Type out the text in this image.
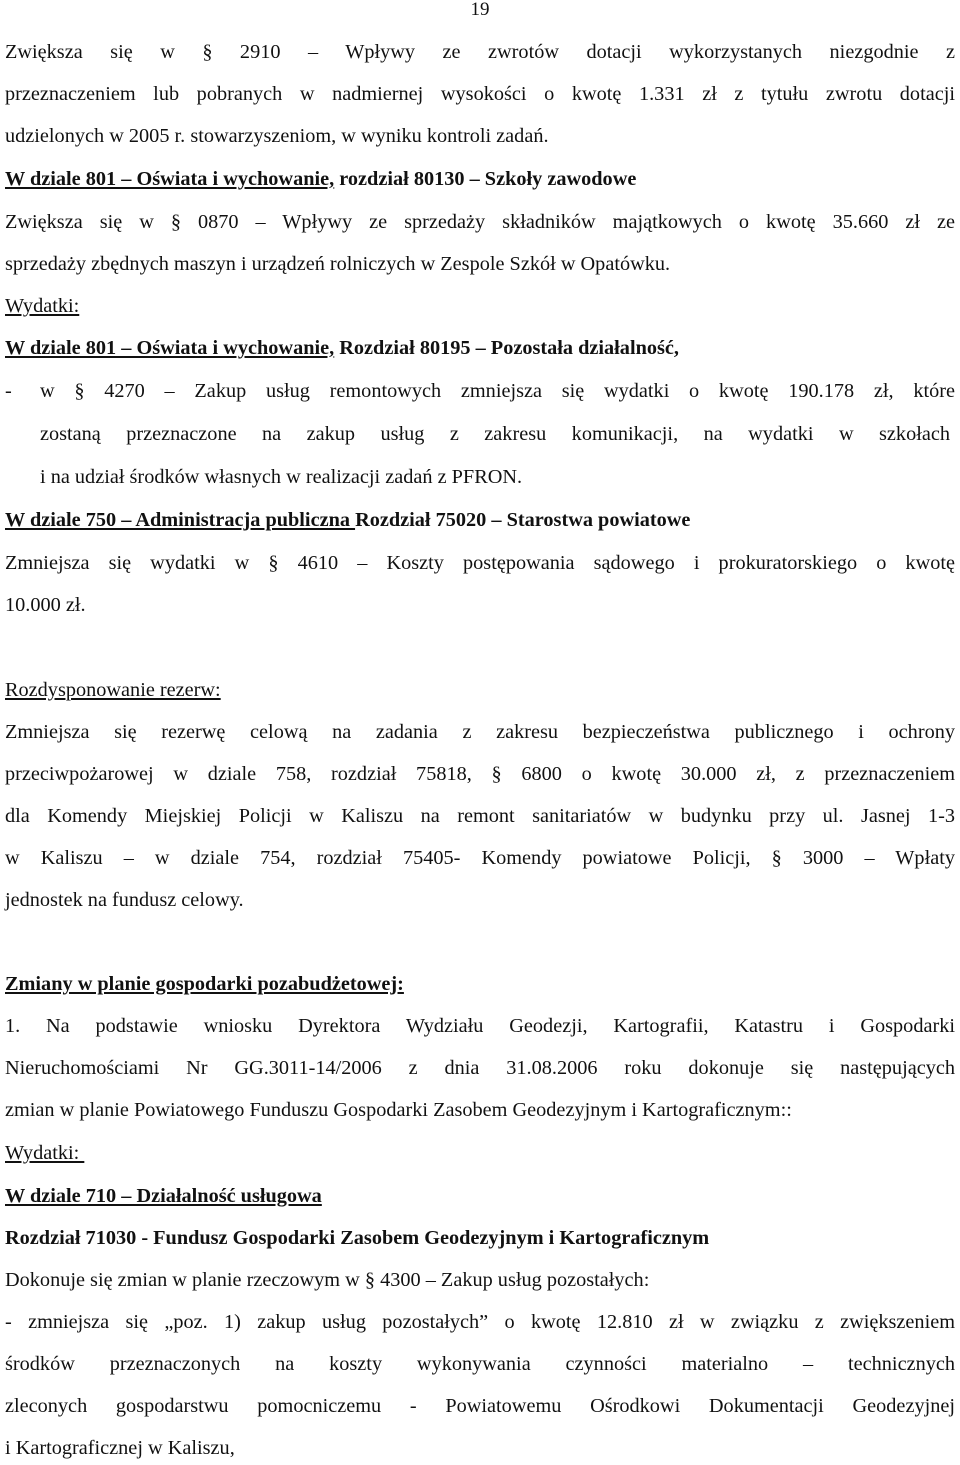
19
Zwiększa się w § 2910 – Wpływy ze zwrotów dotacji wykorzystanych niezgodnie z
przeznaczeniem lub pobranych w nadmiernej wysokości o kwotę 1.331 zł z tytułu zwrotu dotacji
udzielonych w 2005 r. stowarzyszeniom, w wyniku kontroli zadań.
W dziale 801 – Oświata i wychowanie, rozdział 80130 – Szkoły zawodowe
Zwiększa się w § 0870 – Wpływy ze sprzedaży składników majątkowych o kwotę 35.660 zł ze
sprzedaży zbędnych maszyn i urządzeń rolniczych w Zespole Szkół w Opatówku.
Wydatki:
W dziale 801 – Oświata i wychowanie, Rozdział 80195 – Pozostała działalność,
- w § 4270 – Zakup usług remontowych zmniejsza się wydatki o kwotę 190.178 zł, które
zostaną przeznaczone na zakup usług z zakresu komunikacji, na wydatki w szkołach
i na udział środków własnych w realizacji zadań z PFRON.
W dziale 750 – Administracja publiczna Rozdział 75020 – Starostwa powiatowe
Zmniejsza się wydatki w § 4610 – Koszty postępowania sądowego i prokuratorskiego o kwotę
10.000 zł.
Rozdysponowanie rezerw:
Zmniejsza się rezerwę celową na zadania z zakresu bezpieczeństwa publicznego i ochrony
przeciwpożarowej w dziale 758, rozdział 75818, § 6800 o kwotę 30.000 zł, z przeznaczeniem
dla Komendy Miejskiej Policji w Kaliszu na remont sanitariatów w budynku przy ul. Jasnej 1-3
w Kaliszu – w dziale 754, rozdział 75405- Komendy powiatowe Policji, § 3000 – Wpłaty
jednostek na fundusz celowy.
Zmiany w planie gospodarki pozabudżetowej:
1. Na podstawie wniosku Dyrektora Wydziału Geodezji, Kartografii, Katastru i Gospodarki
Nieruchomościami Nr GG.3011-14/2006 z dnia 31.08.2006 roku dokonuje się następujących
zmian w planie Powiatowego Funduszu Gospodarki Zasobem Geodezyjnym i Kartograficznym::
Wydatki:
W dziale 710 – Działalność usługowa
Rozdział 71030 - Fundusz Gospodarki Zasobem Geodezyjnym i Kartograficznym
Dokonuje się zmian w planie rzeczowym w § 4300 – Zakup usług pozostałych:
- zmniejsza się „poz. 1) zakup usług pozostałych” o kwotę 12.810 zł w związku z zwiększeniem
środków przeznaczonych na koszty wykonywania czynności materialno – technicznych
zleconych gospodarstwu pomocniczemu - Powiatowemu Ośrodkowi Dokumentacji Geodezyjnej
i Kartograficznej w Kaliszu,
